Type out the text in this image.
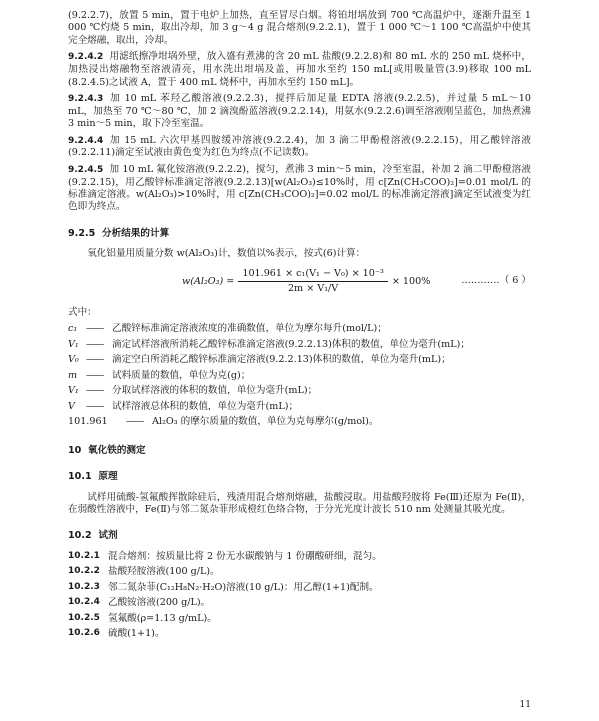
(9.2.2.7)，放置 5 min，置于电炉上加热，直至冒尽白烟。将铂坩埚放到 700 ℃高温炉中，逐渐升温至 1 000 ℃灼烧 5 min，取出冷却，加 3 g～4 g 混合熔剂(9.2.2.1)，置于 1 000 ℃～1 100 ℃高温炉中使其完全熔融，取出，冷却。

9.2.4.2 用滤纸擦净坩埚外壁，放入盛有煮沸的含 20 mL 盐酸(9.2.2.8)和 80 mL 水的 250 mL 烧杯中，加热浸出熔融物至溶液清亮，用水洗出坩埚及盖，再加水至约 150 mL[或用吸量管(3.9)移取 100 mL (8.2.4.5)之试液 A，置于 400 mL 烧杯中，再加水至约 150 mL]。

9.2.4.3 加 10 mL 苯羟乙酸溶液(9.2.2.3)，搅拌后加足量 EDTA 溶液(9.2.2.5)，并过量 5 mL～10 mL，加热至 70 ℃～80 ℃，加 2 滴溴酚蓝溶液(9.2.2.14)，用氨水(9.2.2.6)调至溶液刚呈蓝色，加热煮沸 3 min～5 min，取下冷至室温。

9.2.4.4 加 15 mL 六次甲基四胺缓冲溶液(9.2.2.4)，加 3 滴二甲酚橙溶液(9.2.2.15)，用乙酸锌溶液(9.2.2.11)滴定至试液由黄色变为红色为终点(不记读数)。

9.2.4.5 加 10 mL 氟化铵溶液(9.2.2.2)，搅匀，煮沸 3 min～5 min，冷至室温，补加 2 滴二甲酚橙溶液(9.2.2.15)，用乙酸锌标准滴定溶液(9.2.2.13)[w(Al₂O₃)≤10%时，用 c[Zn(CH₃COO)₂]=0.01 mol/L 的标准滴定溶液。w(Al₂O₃)>10%时，用 c[Zn(CH₃COO)₂]=0.02 mol/L 的标准滴定溶液]滴定至试液变为红色即为终点。

9.2.5 分析结果的计算

氧化铝量用质量分数 w(Al₂O₃)计，数值以%表示，按式(6)计算：

$w(Al_2O_3) = \frac{\text{101.961 × c₁(V₁ − V₀) × 10⁻³}}{\text{2m × V₁/V}} \times 100\%$	…………（ 6 ）
式中：
c₁ —— 乙酸锌标准滴定溶液浓度的准确数值，单位为摩尔每升(mol/L)；
V₁ —— 滴定试样溶液所消耗乙酸锌标准滴定溶液(9.2.2.13)体积的数值，单位为毫升(mL)；
V₀ —— 滴定空白所消耗乙酸锌标准滴定溶液(9.2.2.13)体积的数值，单位为毫升(mL)；
m —— 试料质量的数值，单位为克(g)；
V₁ —— 分取试样溶液的体积的数值，单位为毫升(mL)；
V	—— 试样溶液总体积的数值，单位为毫升(mL)；
101.961	—— Al₂O₃ 的摩尔质量的数值，单位为克每摩尔(g/mol)。
10 氧化铁的测定
10.1 原理

试样用硫酸-氢氟酸挥散除硅后，残渣用混合熔剂熔融，盐酸浸取。用盐酸羟胺将 Fe(Ⅲ)还原为 Fe(Ⅱ)，在弱酸性溶液中，Fe(Ⅱ)与邻二氮杂菲形成橙红色络合物，于分光光度计波长 510 nm 处测量其吸光度。

10.2 试剂
10.2.1 混合熔剂：按质量比将 2 份无水碳酸钠与 1 份硼酸研细，混匀。
10.2.2 盐酸羟胺溶液(100 g/L)。
10.2.3 邻二氮杂菲(C₁₂H₈N₂·H₂O)溶液(10 g/L)：用乙醇(1+1)配制。
10.2.4 乙酸铵溶液(200 g/L)。
10.2.5 氢氟酸(ρ=1.13 g/mL)。
10.2.6 硫酸(1+1)。
11
